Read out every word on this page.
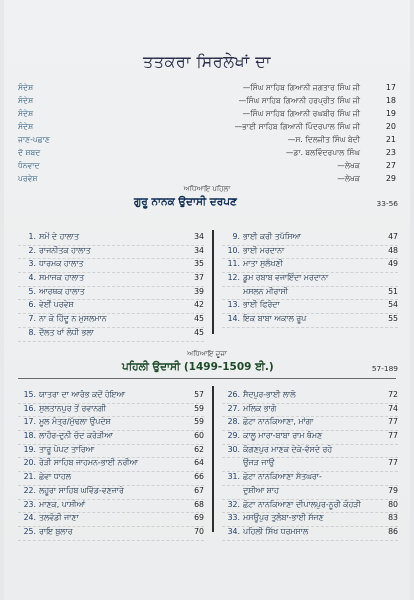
ਤਤਕਰਾ ਸਿਰਲੇਖਾਂ ਦਾ
ਸੰਦੇਸ਼	—ਸਿੰਘ ਸਾਹਿਬ ਗਿਆਨੀ ਜਗਤਾਰ ਸਿੰਘ ਜੀ	17
ਸੰਦੇਸ਼	—ਸਿੰਘ ਸਾਹਿਬ ਗਿਆਨੀ ਹਰਪ੍ਰੀਤ ਸਿੰਘ ਜੀ	18
ਸੰਦੇਸ਼	—ਸਿੰਘ ਸਾਹਿਬ ਗਿਆਨੀ ਰਘਬੀਰ ਸਿੰਘ ਜੀ	19
ਸੰਦੇਸ਼	—ਭਾਈ ਸਾਹਿਬ ਗਿਆਨੀ ਪਿੰਦਰਪਾਲ ਸਿੰਘ ਜੀ	20
ਜਾਣ-ਪਛਾਣ	—ਸ. ਦਿਲਜੀਤ ਸਿੰਘ ਬੇਦੀ	21
ਦੋ ਸ਼ਬਦ	—ਡਾ. ਬਲਵਿੰਦਰਪਾਲ ਸਿੰਘ	23
ਧੰਨਵਾਦ	—ਲੇਖਕ	27
ਪਰਵੇਸ਼	—ਲੇਖਕ	29
ਅਧਿਆਇ ਪਹਿਲਾ
ਗੁਰੂ ਨਾਨਕ ਉਦਾਸੀ ਦਰਪਣ	33-56
1. ਸਮੇਂ ਦੇ ਹਾਲਾਤ	34
2. ਰਾਜਨੀਤਕ ਹਾਲਾਤ	34
3. ਧਾਰਮਕ ਹਾਲਾਤ	35
4. ਸਮਾਜਕ ਹਾਲਾਤ	37
5. ਆਰਥਕ ਹਾਲਾਤ	39
6. ਵੇਈਂ ਪਰਵੇਸ਼	42
7. ਨਾ ਕੋ ਹਿੰਦੂ ਨ ਮੁਸਲਮਾਨ	45
8. ਦੌਲਤ ਖਾਂ ਲੋਧੀ ਭਲਾ	45
9. ਭਾਈ ਕਰੀ ਤਪੱਸਿਆ	47
10. ਭਾਈ ਮਰਦਾਨਾ	48
11. ਮਾਤਾ ਸੁਲੱਖਣੀ	49
12. ਡੂਮ ਰਬਾਬ ਵਜਾਇੰਦਾ ਮਰਦਾਨਾ
ਮਸਲਨ ਮੀਰਾਸੀ	51
13. ਭਾਈ ਫਿਰੰਦਾ	54
14. ਇਕ ਬਾਬਾ ਅਕਾਲ ਰੂਪ	55
ਅਧਿਆਇ ਦੂਜਾ
ਪਹਿਲੀ ਉਦਾਸੀ (1499-1509 ਈ.)	57-189
15. ਯਾਤਰਾ ਦਾ ਆਰੰਭ ਕਦੋਂ ਹੋਇਆ	57
16. ਸੁਲਤਾਨਪੁਰ ਤੋਂ ਰਵਾਨਗੀ	59
17. ਮੂਲ ਮੰਤ੍ਰ/ਮੁੱਢਲਾ ਉਪਦੇਸ਼	59
18. ਲਾਹੌਰ-ਦੁਨੀ ਚੰਦ ਕਰੋੜੀਆ	60
19. ਤਾਰੂ ਪੋਪਟ ਤਾਰਿਆ	62
20. ਰੋੜੀ ਸਾਹਿਬ ਜਾਹਮਨ-ਭਾਈ ਨਰੀਆ	64
21. ਛੇਵਾ ਧਾਹਲ	66
22. ਲਹੂਰਾ ਸਾਹਿਬ ਘਵਿੰਡ-ਵਣਜਾਰੇ	67
23. ਮਾਣਕ, ਪਾਸੀਆਂ	68
24. ਤਲਵੰਡੀ ਜਾਣਾ	69
25. ਰਾਇ ਬੁਲਾਰ	70
26. ਸੈਦਪੁਰ-ਭਾਈ ਲਾਲੋ	72
27. ਮਲਿਕ ਭਾਗੋ	74
28. ਛੋਟਾ ਨਾਨਕਿਆਣਾ, ਮਾਂਗਾ	77
29. ਕਾਲੂ ਮਾਰਾ-ਬਾਬਾ ਰਾਮ ਥੰਮਣ	77
30. ਕੰਗਣਪੁਰ ਮਾਣਕ ਦੇਕੇ-ਵੱਸਦੇ ਰਹੋ
ਉਜੜ ਜਾਉ	77
31. ਛੋਟਾ ਨਾਨਕਿਆਣਾ ਸੱਤਘਰਾ-
ਦੁਸ਼ੀਆ ਸ਼ਾਹ	79
32. ਛੋਟਾ ਨਾਨਕਿਆਣਾ ਦੀਪਾਲਪੁਰ-ਨੂਰੀ ਕੋਹੜੀ	80
33. ਮਸਊਪੁਰ ਤੁਲੰਬਾ-ਭਾਈ ਸੱਜਣ	83
34. ਪਹਿਲੀ ਸਿੱਖ ਧਰਮਸਾਲ	86
